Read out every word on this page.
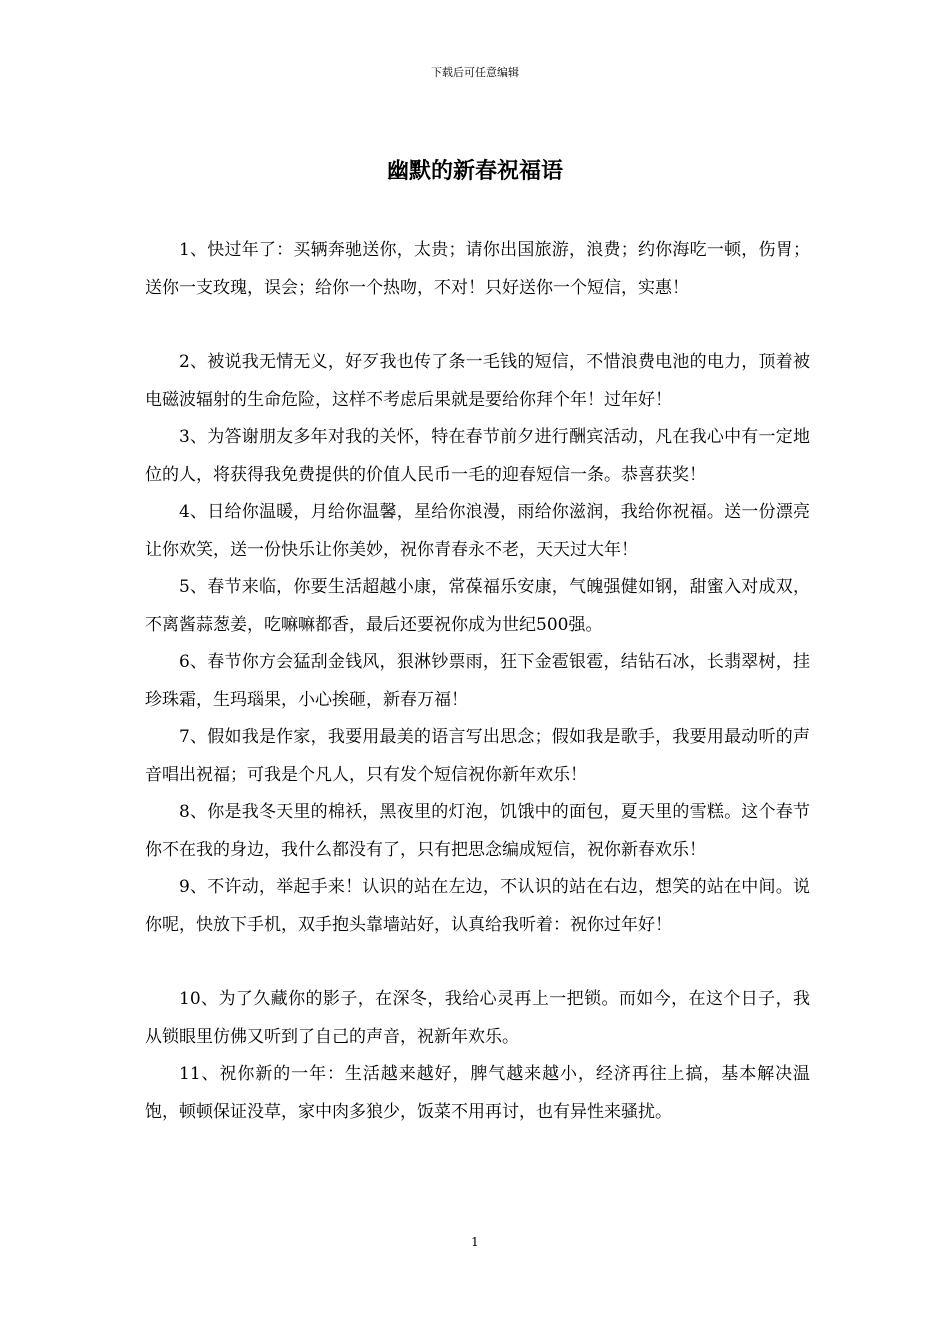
下载后可任意编辑
幽默的新春祝福语

1、快过年了：买辆奔驰送你，太贵；请你出国旅游，浪费；约你海吃一顿，伤胃；送你一支玫瑰，误会；给你一个热吻，不对！只好送你一个短信，实惠！

2、被说我无情无义，好歹我也传了条一毛钱的短信，不惜浪费电池的电力，顶着被电磁波辐射的生命危险，这样不考虑后果就是要给你拜个年！过年好！

3、为答谢朋友多年对我的关怀，特在春节前夕进行酬宾活动，凡在我心中有一定地位的人，将获得我免费提供的价值人民币一毛的迎春短信一条。恭喜获奖！

4、日给你温暖，月给你温馨，星给你浪漫，雨给你滋润，我给你祝福。送一份漂亮让你欢笑，送一份快乐让你美妙，祝你青春永不老，天天过大年！

5、春节来临，你要生活超越小康，常葆福乐安康，气魄强健如钢，甜蜜入对成双，不离酱蒜葱姜，吃嘛嘛都香，最后还要祝你成为世纪500强。

6、春节你方会猛刮金钱风，狠淋钞票雨，狂下金雹银雹，结钻石冰，长翡翠树，挂珍珠霜，生玛瑙果，小心挨砸，新春万福！

7、假如我是作家，我要用最美的语言写出思念；假如我是歌手，我要用最动听的声音唱出祝福；可我是个凡人，只有发个短信祝你新年欢乐！

8、你是我冬天里的棉袄，黑夜里的灯泡，饥饿中的面包，夏天里的雪糕。这个春节你不在我的身边，我什么都没有了，只有把思念编成短信，祝你新春欢乐！

9、不许动，举起手来！认识的站在左边，不认识的站在右边，想笑的站在中间。说你呢，快放下手机，双手抱头靠墙站好，认真给我听着：祝你过年好！

10、为了久藏你的影子，在深冬，我给心灵再上一把锁。而如今，在这个日子，我从锁眼里仿佛又听到了自己的声音，祝新年欢乐。

11、祝你新的一年：生活越来越好，脾气越来越小，经济再往上搞，基本解决温饱，顿顿保证没草，家中肉多狼少，饭菜不用再讨，也有异性来骚扰。

1
